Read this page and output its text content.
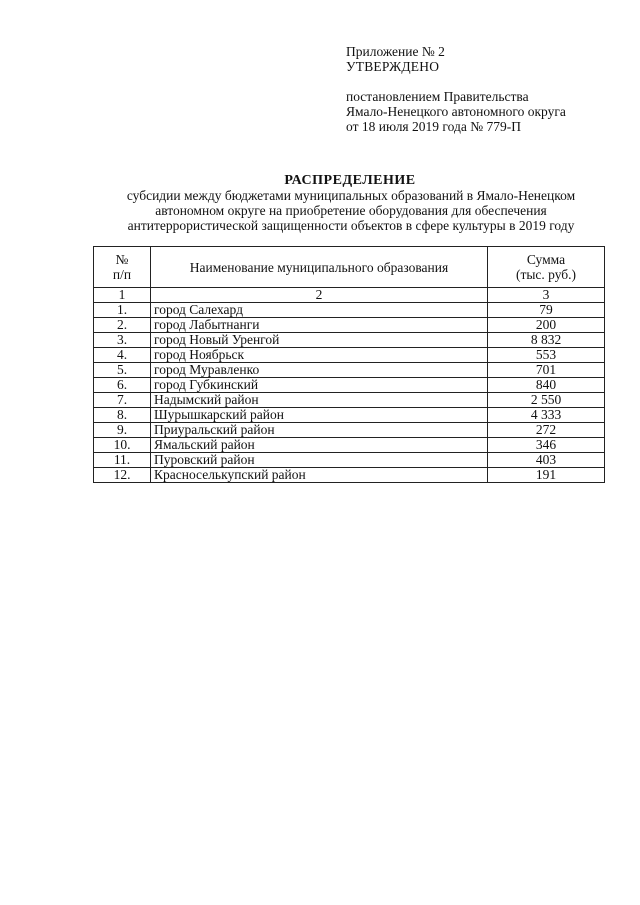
Приложение № 2
УТВЕРЖДЕНО
постановлением Правительства
Ямало-Ненецкого автономного округа
от 18 июля 2019 года № 779-П
РАСПРЕДЕЛЕНИЕ
субсидии между бюджетами муниципальных образований в Ямало-Ненецком
автономном округе на приобретение оборудования для обеспечения
антитеррористической защищенности объектов в сфере культуры в 2019 году
№
п/п	Наименование муниципального образования	Сумма
(тыс. руб.)
1	2	3
1.	город Салехард	79
2.	город Лабытнанги	200
3.	город Новый Уренгой	8 832
4.	город Ноябрьск	553
5.	город Муравленко	701
6.	город Губкинский	840
7.	Надымский район	2 550
8.	Шурышкарский район	4 333
9.	Приуральский район	272
10.	Ямальский район	346
11.	Пуровский район	403
12.	Красноселькупский район	191
